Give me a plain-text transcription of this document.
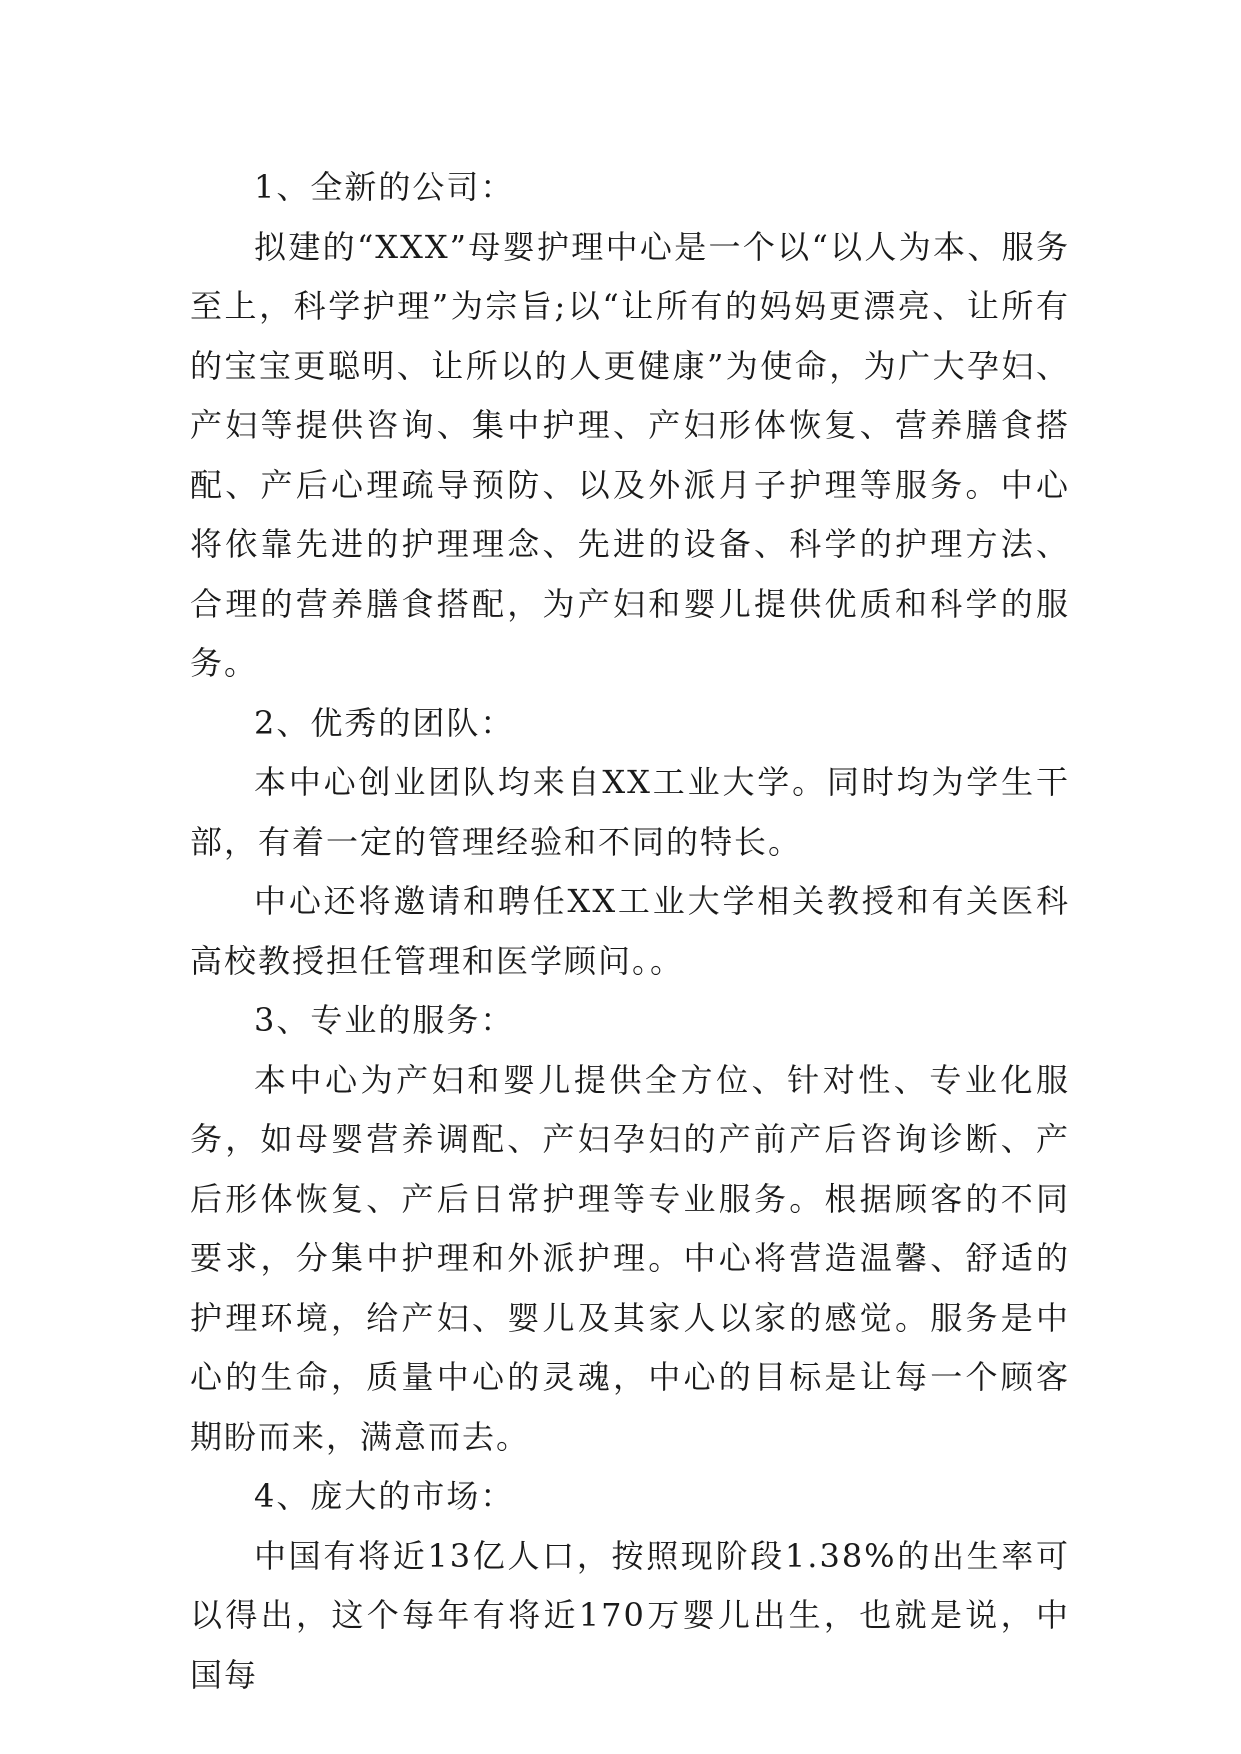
1、全新的公司：

拟建的“XXX”母婴护理中心是一个以“以人为本、服务至上，科学护理”为宗旨;以“让所有的妈妈更漂亮、让所有的宝宝更聪明、让所以的人更健康”为使命，为广大孕妇、产妇等提供咨询、集中护理、产妇形体恢复、营养膳食搭配、产后心理疏导预防、以及外派月子护理等服务。中心将依靠先进的护理理念、先进的设备、科学的护理方法、合理的营养膳食搭配，为产妇和婴儿提供优质和科学的服务。

2、优秀的团队：

本中心创业团队均来自XX工业大学。同时均为学生干部，有着一定的管理经验和不同的特长。

中心还将邀请和聘任XX工业大学相关教授和有关医科高校教授担任管理和医学顾问。。

3、专业的服务：

本中心为产妇和婴儿提供全方位、针对性、专业化服务，如母婴营养调配、产妇孕妇的产前产后咨询诊断、产后形体恢复、产后日常护理等专业服务。根据顾客的不同要求，分集中护理和外派护理。中心将营造温馨、舒适的护理环境，给产妇、婴儿及其家人以家的感觉。服务是中心的生命，质量中心的灵魂，中心的目标是让每一个顾客期盼而来，满意而去。

4、庞大的市场：

中国有将近13亿人口，按照现阶段1.38%的出生率可以得出，这个每年有将近170万婴儿出生，也就是说，中国每
